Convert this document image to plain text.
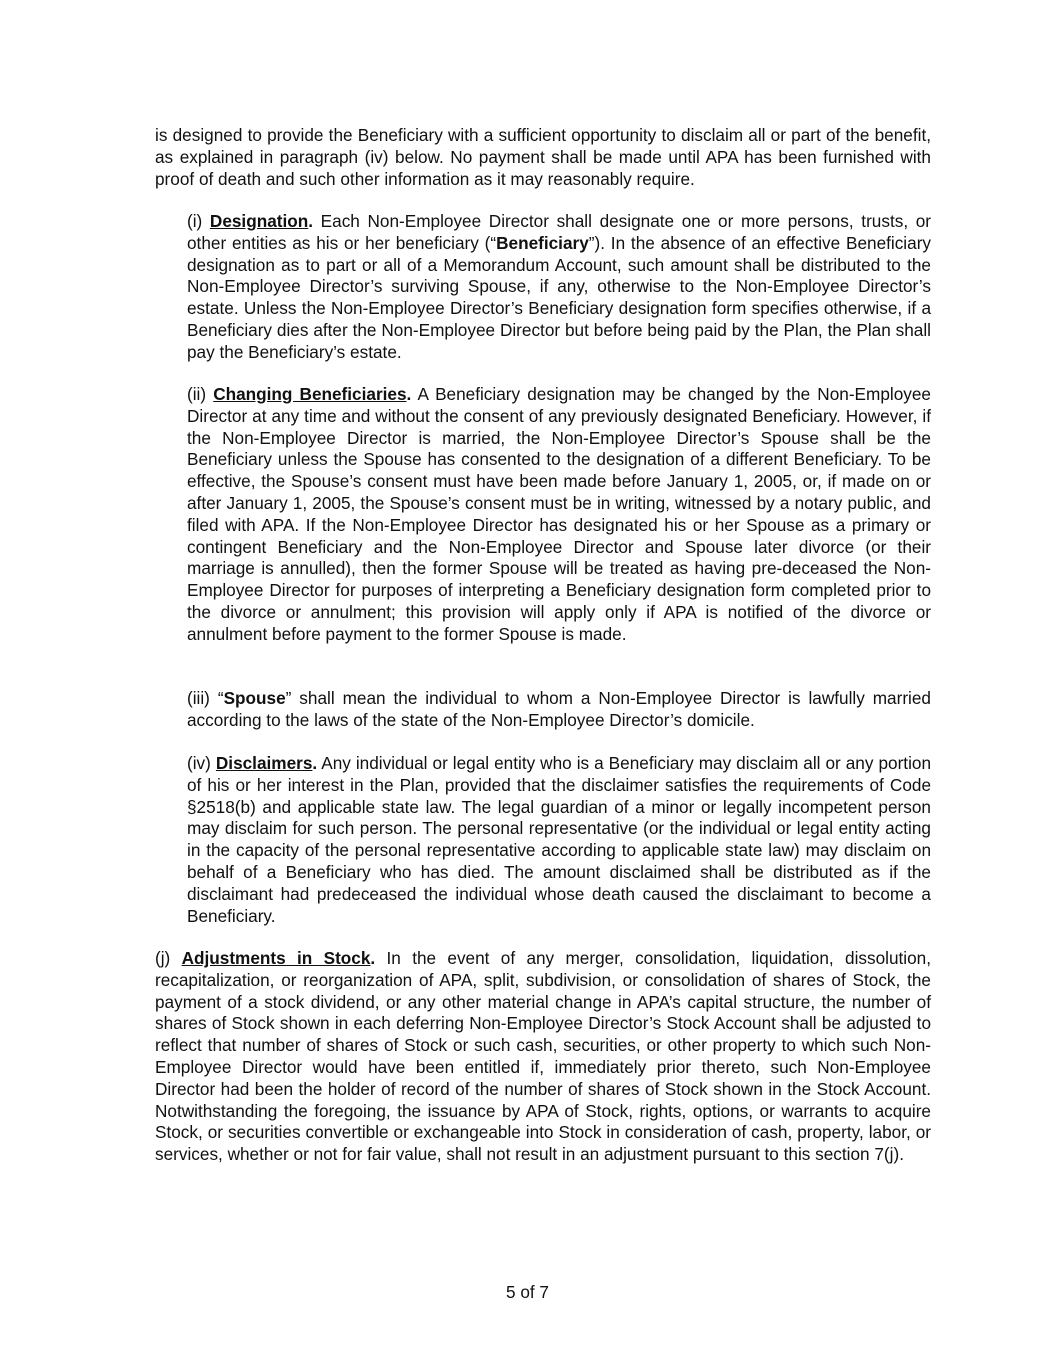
is designed to provide the Beneficiary with a sufficient opportunity to disclaim all or part of the benefit, as explained in paragraph (iv) below. No payment shall be made until APA has been furnished with proof of death and such other information as it may reasonably require.

(i) Designation. Each Non-Employee Director shall designate one or more persons, trusts, or other entities as his or her beneficiary (“Beneficiary”). In the absence of an effective Beneficiary designation as to part or all of a Memorandum Account, such amount shall be distributed to the Non-Employee Director’s surviving Spouse, if any, otherwise to the Non-Employee Director’s estate. Unless the Non-Employee Director’s Beneficiary designation form specifies otherwise, if a Beneficiary dies after the Non-Employee Director but before being paid by the Plan, the Plan shall pay the Beneficiary’s estate.

(ii) Changing Beneficiaries. A Beneficiary designation may be changed by the Non-Employee Director at any time and without the consent of any previously designated Beneficiary. However, if the Non-Employee Director is married, the Non-Employee Director’s Spouse shall be the Beneficiary unless the Spouse has consented to the designation of a different Beneficiary. To be effective, the Spouse’s consent must have been made before January 1, 2005, or, if made on or after January 1, 2005, the Spouse’s consent must be in writing, witnessed by a notary public, and filed with APA. If the Non-Employee Director has designated his or her Spouse as a primary or contingent Beneficiary and the Non-Employee Director and Spouse later divorce (or their marriage is annulled), then the former Spouse will be treated as having pre-deceased the Non-Employee Director for purposes of interpreting a Beneficiary designation form completed prior to the divorce or annulment; this provision will apply only if APA is notified of the divorce or annulment before payment to the former Spouse is made.

(iii) “Spouse” shall mean the individual to whom a Non-Employee Director is lawfully married according to the laws of the state of the Non-Employee Director’s domicile.

(iv) Disclaimers. Any individual or legal entity who is a Beneficiary may disclaim all or any portion of his or her interest in the Plan, provided that the disclaimer satisfies the requirements of Code §2518(b) and applicable state law. The legal guardian of a minor or legally incompetent person may disclaim for such person. The personal representative (or the individual or legal entity acting in the capacity of the personal representative according to applicable state law) may disclaim on behalf of a Beneficiary who has died. The amount disclaimed shall be distributed as if the disclaimant had predeceased the individual whose death caused the disclaimant to become a Beneficiary.

(j) Adjustments in Stock. In the event of any merger, consolidation, liquidation, dissolution, recapitalization, or reorganization of APA, split, subdivision, or consolidation of shares of Stock, the payment of a stock dividend, or any other material change in APA’s capital structure, the number of shares of Stock shown in each deferring Non-Employee Director’s Stock Account shall be adjusted to reflect that number of shares of Stock or such cash, securities, or other property to which such Non-Employee Director would have been entitled if, immediately prior thereto, such Non-Employee Director had been the holder of record of the number of shares of Stock shown in the Stock Account. Notwithstanding the foregoing, the issuance by APA of Stock, rights, options, or warrants to acquire Stock, or securities convertible or exchangeable into Stock in consideration of cash, property, labor, or services, whether or not for fair value, shall not result in an adjustment pursuant to this section 7(j).

5 of 7
